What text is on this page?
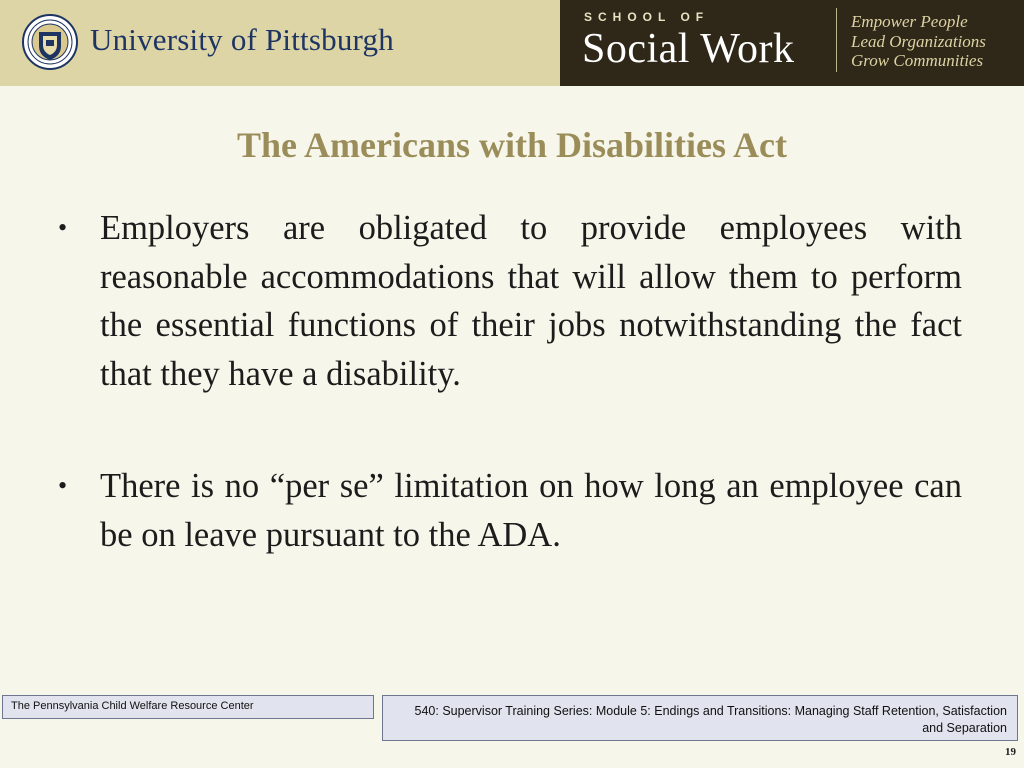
University of Pittsburgh
SCHOOL OF
Social Work
Empower People
Lead Organizations
Grow Communities
The Americans with Disabilities Act
• Employers are obligated to provide employees with reasonable accommodations that will allow them to perform the essential functions of their jobs notwithstanding the fact that they have a disability.
• There is no “per se” limitation on how long an employee can be on leave pursuant to the ADA.
The Pennsylvania Child Welfare Resource Center	540: Supervisor Training Series: Module 5: Endings and Transitions: Managing Staff Retention, Satisfaction and Separation
19
